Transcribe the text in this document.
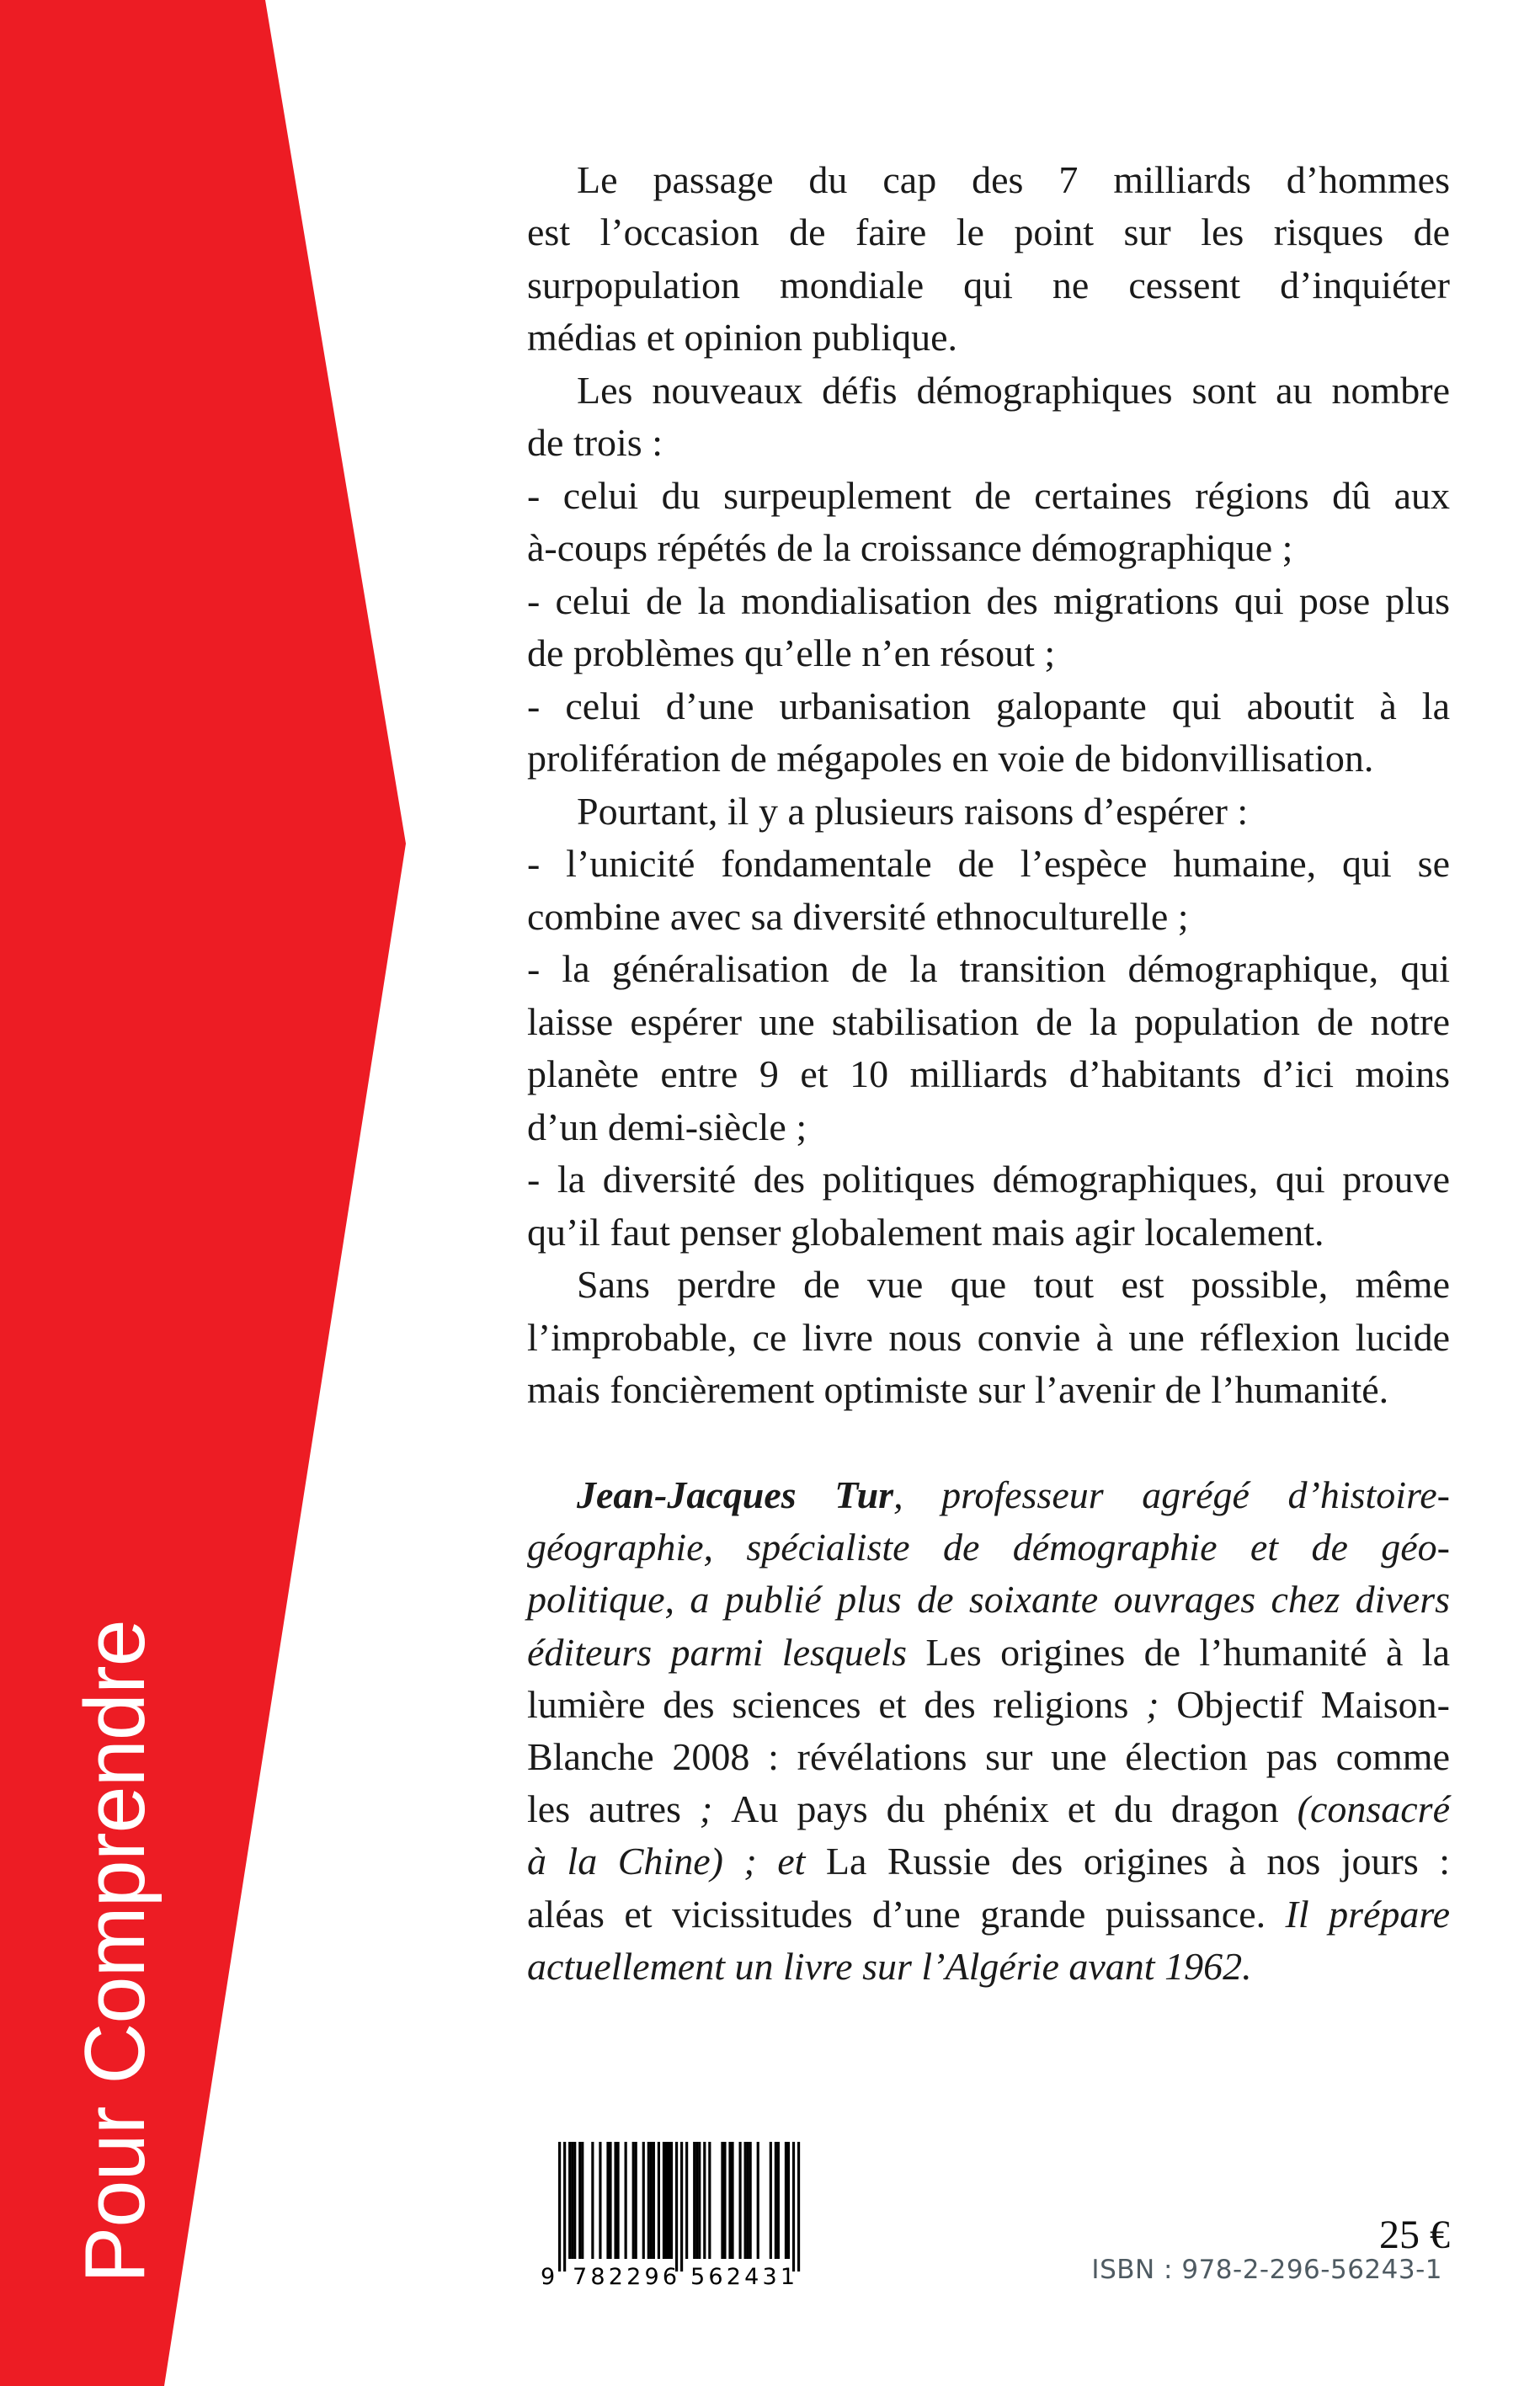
Pour Comprendre	9 782296 562431
25 €
ISBN : 978-2-296-56243-1
Le passage du cap des 7 milliards d’hommes
est l’occasion de faire le point sur les risques de
surpopulation mondiale qui ne cessent d’inquiéter
médias et opinion publique.
Les nouveaux défis démographiques sont au nombre
de trois :
- celui du surpeuplement de certaines régions dû aux
à-coups répétés de la croissance démographique ;
- celui de la mondialisation des migrations qui pose plus
de problèmes qu’elle n’en résout ;
- celui d’une urbanisation galopante qui aboutit à la
prolifération de mégapoles en voie de bidonvillisation.
Pourtant, il y a plusieurs raisons d’espérer :
- l’unicité fondamentale de l’espèce humaine, qui se
combine avec sa diversité ethnoculturelle ;
- la généralisation de la transition démographique, qui
laisse espérer une stabilisation de la population de notre
planète entre 9 et 10 milliards d’habitants d’ici moins
d’un demi-siècle ;
- la diversité des politiques démographiques, qui prouve
qu’il faut penser globalement mais agir localement.
Sans perdre de vue que tout est possible, même
l’improbable, ce livre nous convie à une réflexion lucide
mais foncièrement optimiste sur l’avenir de l’humanité.
Jean-Jacques Tur, professeur agrégé d’histoire-
géographie, spécialiste de démographie et de géo-
politique, a publié plus de soixante ouvrages chez divers
éditeurs parmi lesquels Les origines de l’humanité à la
lumière des sciences et des religions ; Objectif Maison-
Blanche 2008 : révélations sur une élection pas comme
les autres ; Au pays du phénix et du dragon (consacré
à la Chine) ; et La Russie des origines à nos jours :
aléas et vicissitudes d’une grande puissance. Il prépare
actuellement un livre sur l’Algérie avant 1962.
